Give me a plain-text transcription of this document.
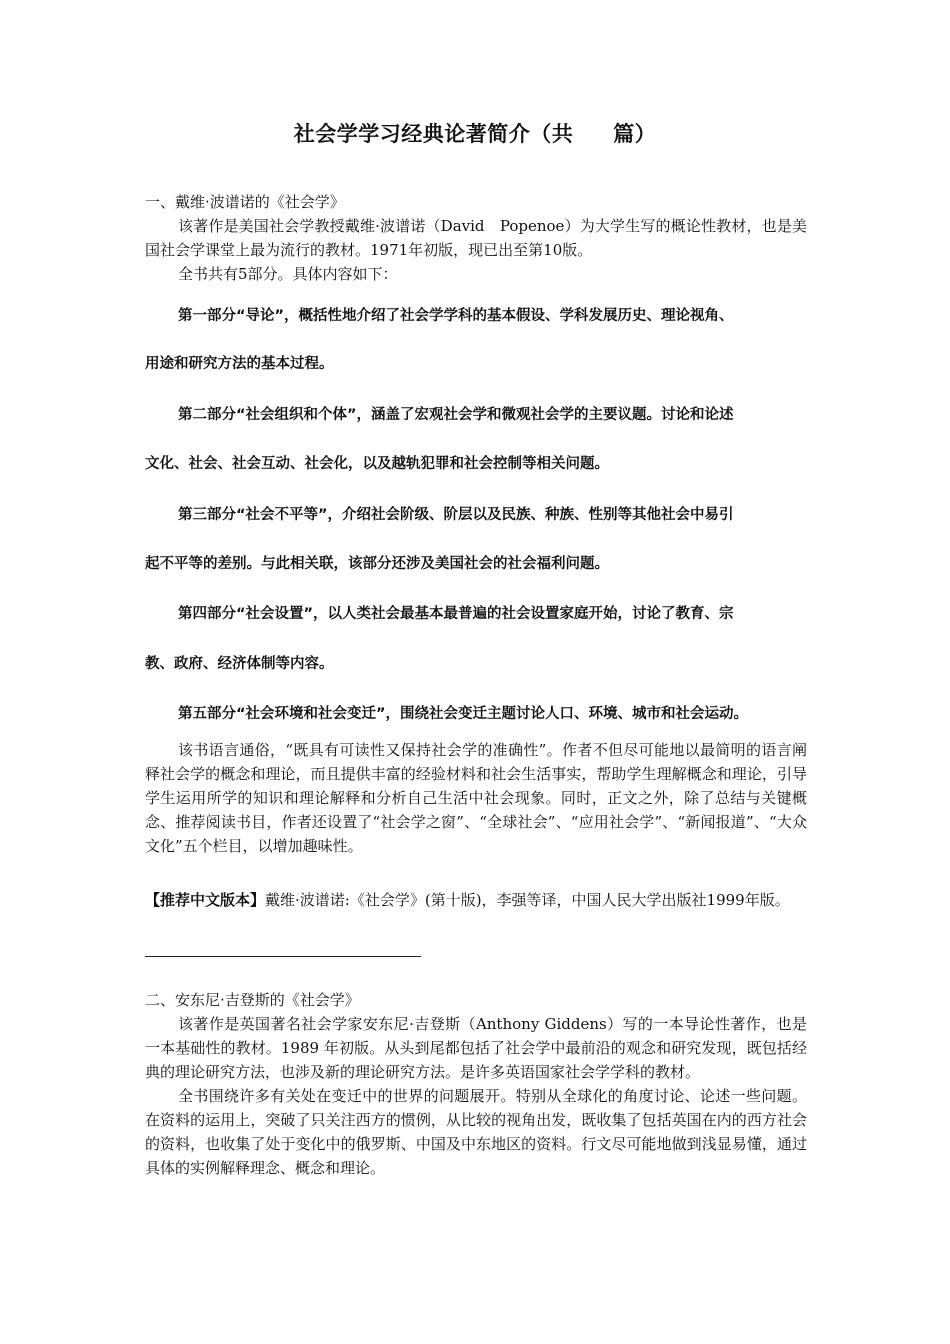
社会学学习经典论著简介（共 篇）
一、戴维·波谱诺的《社会学》

该著作是美国社会学教授戴维·波谱诺（David　Popenoe）为大学生写的概论性教材，也是美国社会学课堂上最为流行的教材。1971年初版，现已出至第10版。

全书共有5部分。具体内容如下：

第一部分“导论”，概括性地介绍了社会学学科的基本假设、学科发展历史、理论视角、
用途和研究方法的基本过程。
第二部分“社会组织和个体”，涵盖了宏观社会学和微观社会学的主要议题。讨论和论述
文化、社会、社会互动、社会化，以及越轨犯罪和社会控制等相关问题。
第三部分“社会不平等”，介绍社会阶级、阶层以及民族、种族、性别等其他社会中易引
起不平等的差别。与此相关联，该部分还涉及美国社会的社会福利问题。
第四部分“社会设置”，以人类社会最基本最普遍的社会设置家庭开始，讨论了教育、宗
教、政府、经济体制等内容。
第五部分“社会环境和社会变迁”，围绕社会变迁主题讨论人口、环境、城市和社会运动。

该书语言通俗，“既具有可读性又保持社会学的准确性”。作者不但尽可能地以最简明的语言阐释社会学的概念和理论，而且提供丰富的经验材料和社会生活事实，帮助学生理解概念和理论，引导学生运用所学的知识和理论解释和分析自己生活中社会现象。同时，正文之外，除了总结与关键概念、推荐阅读书目，作者还设置了“社会学之窗”、“全球社会”、“应用社会学”、“新闻报道”、“大众文化”五个栏目，以增加趣味性。

【推荐中文版本】戴维·波谱诺:《社会学》(第十版)，李强等译，中国人民大学出版社1999年版。
二、安东尼·吉登斯的《社会学》

该著作是英国著名社会学家安东尼·吉登斯（Anthony Giddens）写的一本导论性著作，也是一本基础性的教材。1989 年初版。从头到尾都包括了社会学中最前沿的观念和研究发现，既包括经典的理论研究方法，也涉及新的理论研究方法。是许多英语国家社会学学科的教材。

全书围绕许多有关处在变迁中的世界的问题展开。特别从全球化的角度讨论、论述一些问题。在资料的运用上，突破了只关注西方的惯例，从比较的视角出发，既收集了包括英国在内的西方社会的资料，也收集了处于变化中的俄罗斯、中国及中东地区的资料。行文尽可能地做到浅显易懂，通过具体的实例解释理念、概念和理论。
